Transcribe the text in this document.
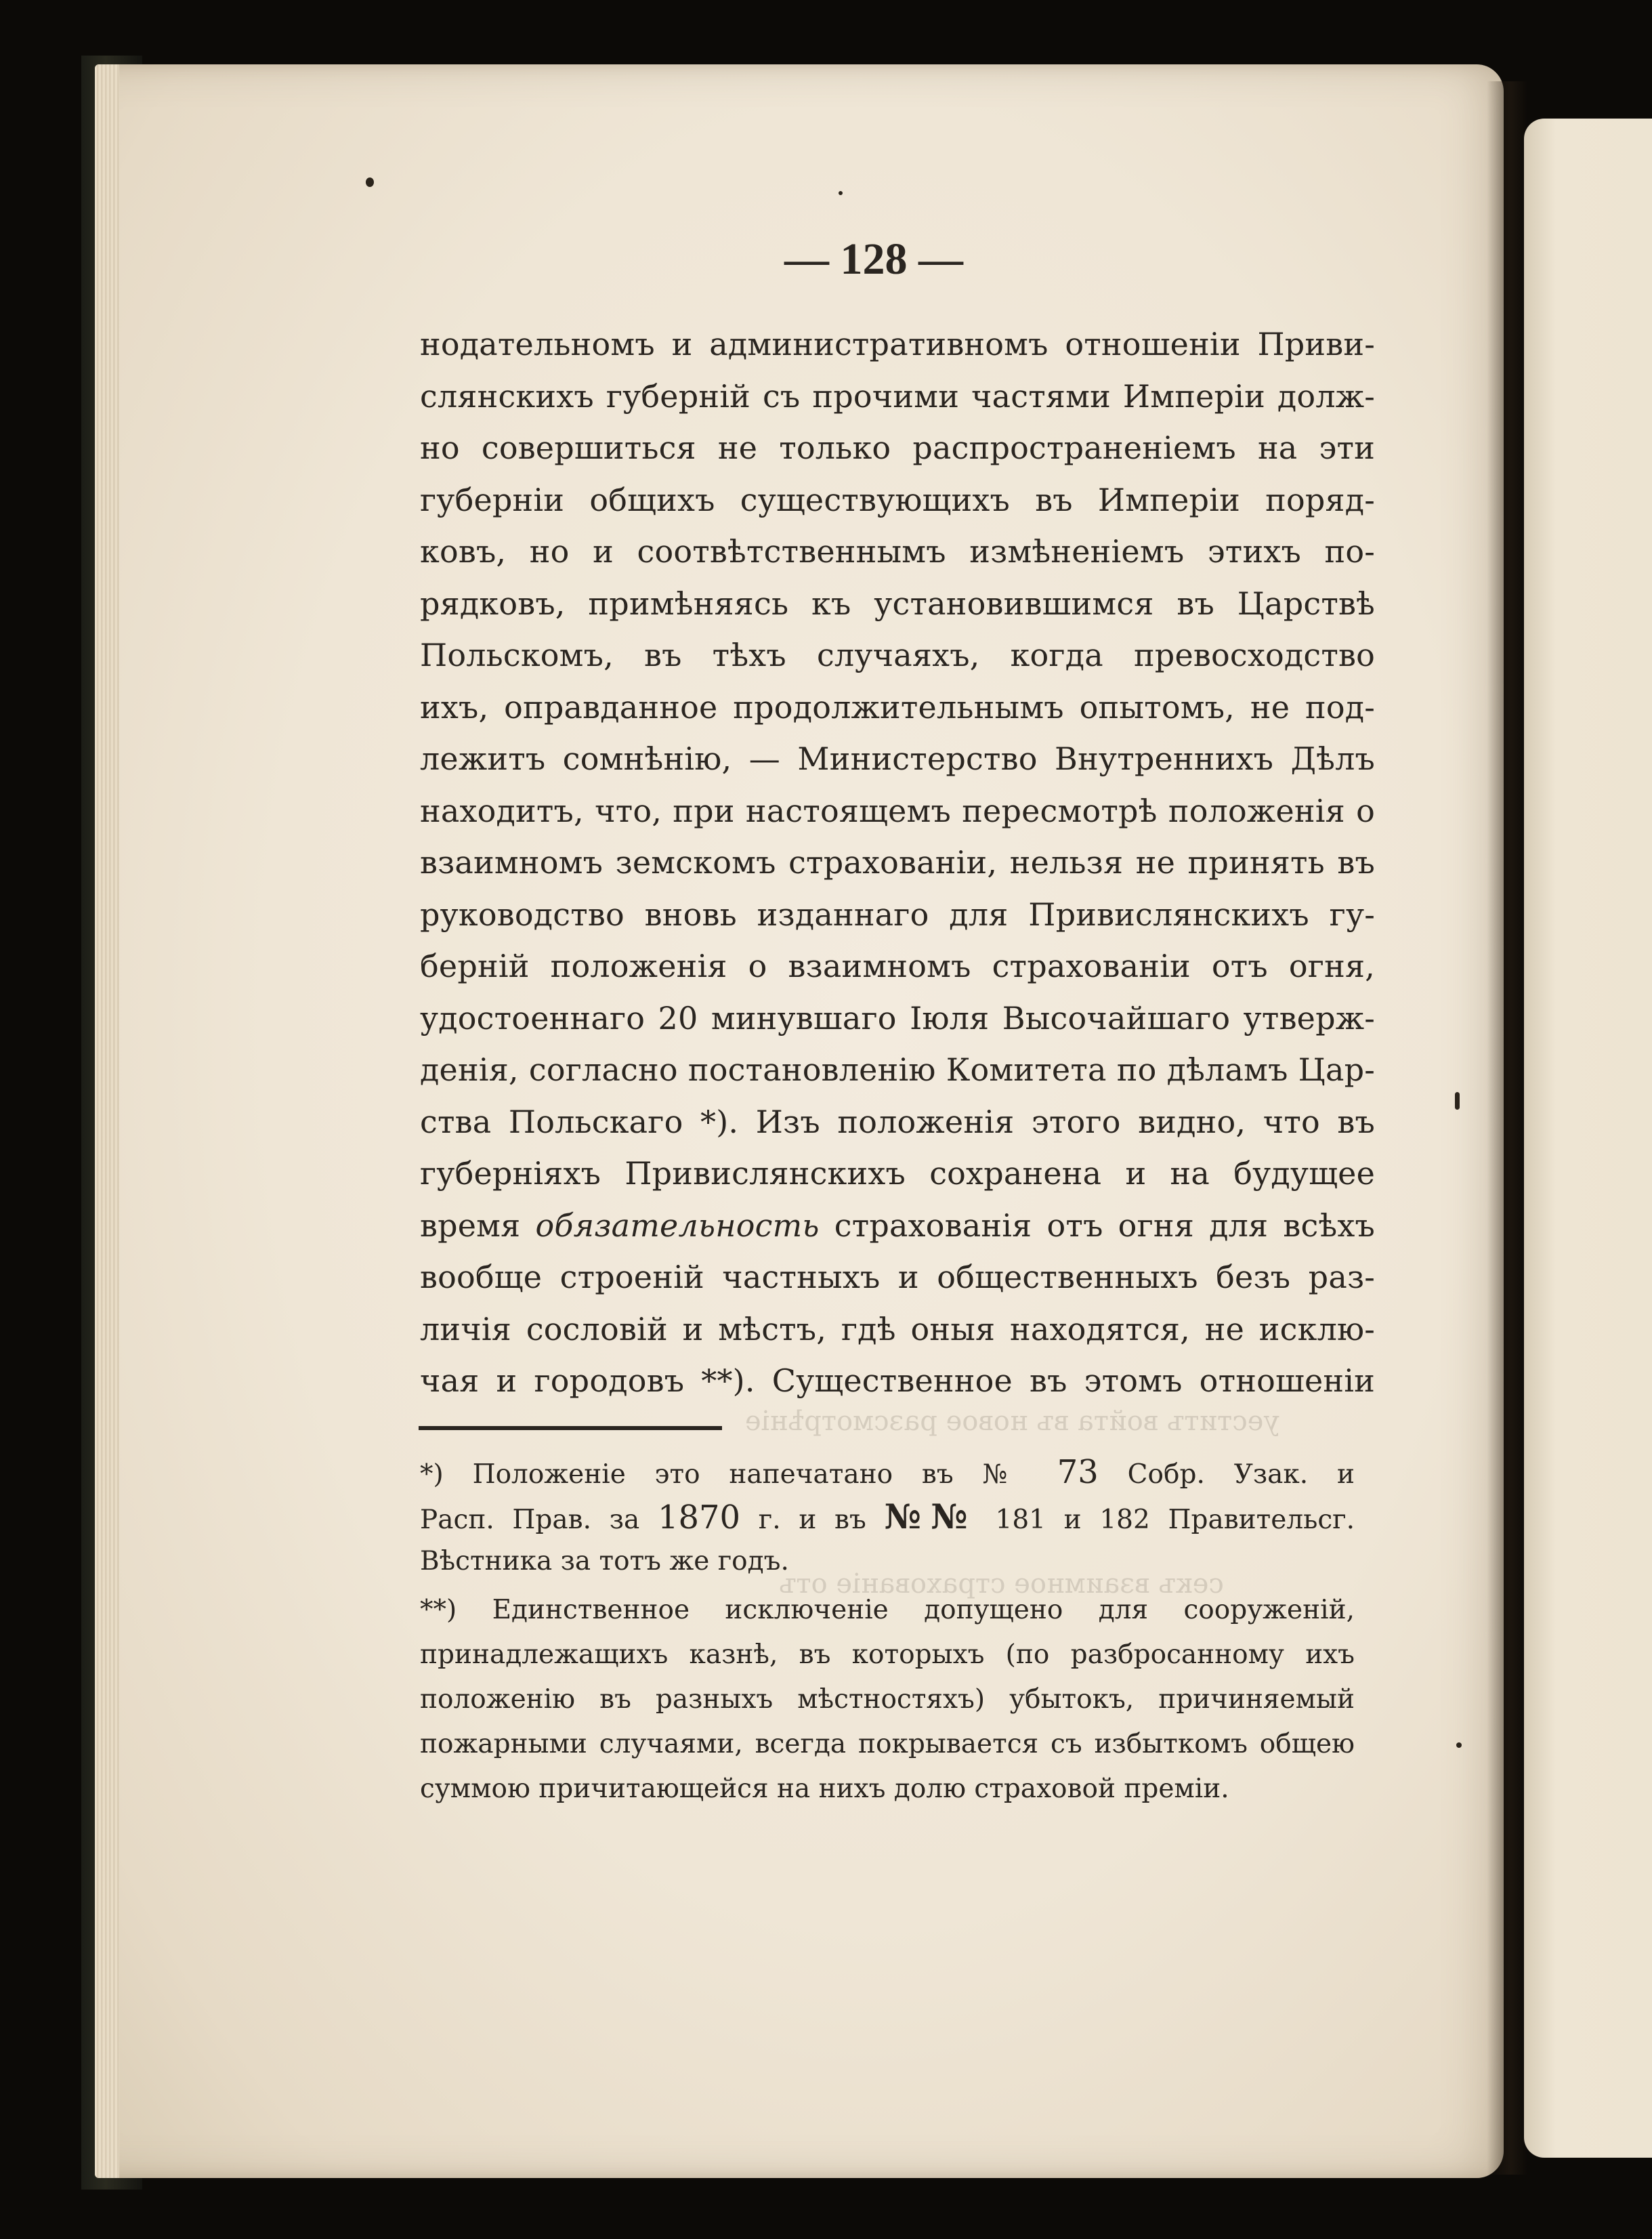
уеститъ войта въ новое разсмотрѣніе
секъ взаимное страхованіе отъ
— 128 —
нодательномъ и административномъ отношеніи Приви-
слянскихъ губерній съ прочими частями Имперіи долж-
но совершиться не только распространеніемъ на эти
губерніи общихъ существующихъ въ Имперіи поряд-
ковъ, но и соотвѣтственнымъ измѣненіемъ этихъ по-
рядковъ, примѣняясь къ установившимся въ Царствѣ
Польскомъ, въ тѣхъ случаяхъ, когда превосходство
ихъ, оправданное продолжительнымъ опытомъ, не под-
лежитъ сомнѣнію, — Министерство Внутреннихъ Дѣлъ
находитъ, что, при настоящемъ пересмотрѣ положенія о
взаимномъ земскомъ страхованіи, нельзя не принять въ
руководство вновь изданнаго для Привислянскихъ гу-
берній положенія о взаимномъ страхованіи отъ огня,
удостоеннаго 20 минувшаго Іюля Высочайшаго утверж-
денія, согласно постановленію Комитета по дѣламъ Цар-
ства Польскаго *). Изъ положенія этого видно, что въ
губерніяхъ Привислянскихъ сохранена и на будущее
время обязательность страхованія отъ огня для всѣхъ
вообще строеній частныхъ и общественныхъ безъ раз-
личія сословій и мѣстъ, гдѣ оныя находятся, не исклю-
чая и городовъ **). Существенное въ этомъ отношеніи
*) Положеніе это напечатано въ № 73 Собр. Узак. и
Расп. Прав. за 1870 г. и въ №№ 181 и 182 Правительсг.
Вѣстника за тотъ же годъ.
**) Единственное исключеніе допущено для сооруженій,
принадлежащихъ казнѣ, въ которыхъ (по разбросанному ихъ
положенію въ разныхъ мѣстностяхъ) убытокъ, причиняемый
пожарными случаями, всегда покрывается съ избыткомъ общею
суммою причитающейся на нихъ долю страховой преміи.
